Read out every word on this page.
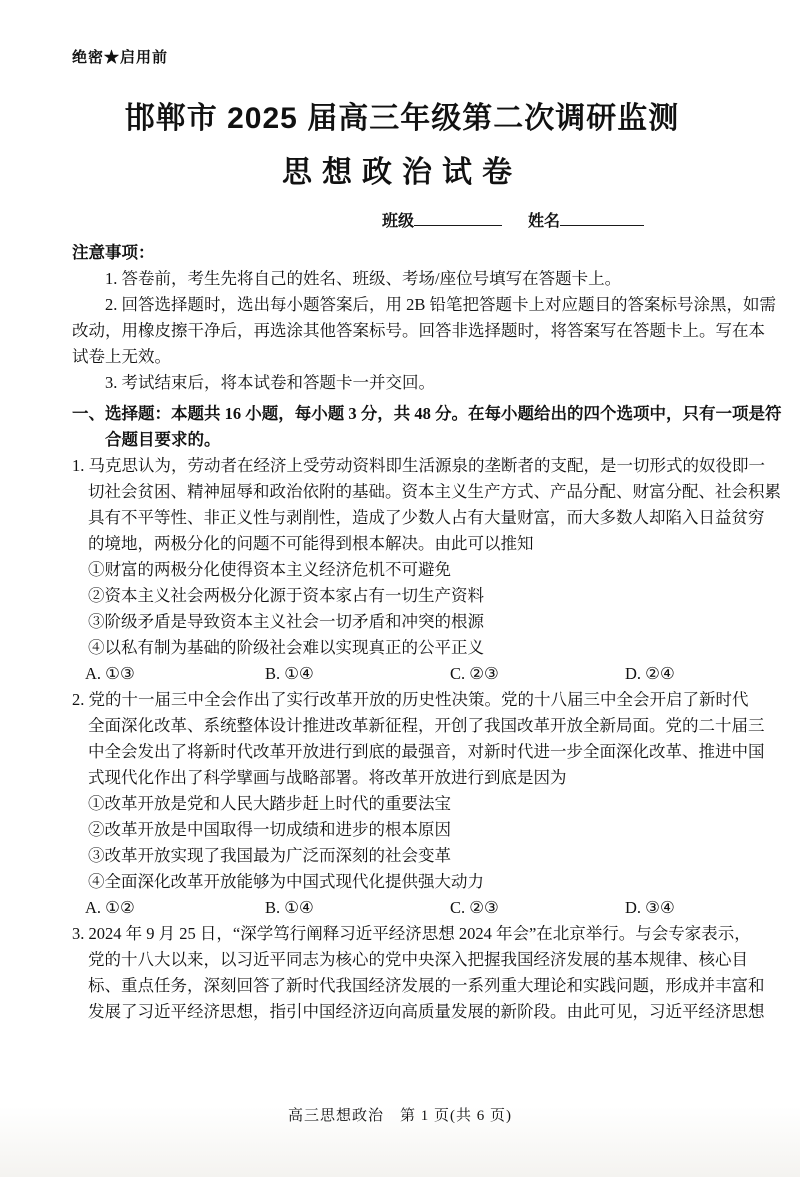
绝密★启用前
邯郸市 2025 届高三年级第二次调研监测
思想政治试卷
班级	姓名
注意事项：
1. 答卷前，考生先将自己的姓名、班级、考场/座位号填写在答题卡上。
2. 回答选择题时，选出每小题答案后，用 2B 铅笔把答题卡上对应题目的答案标号涂黑，如需
改动，用橡皮擦干净后，再选涂其他答案标号。回答非选择题时，将答案写在答题卡上。写在本
试卷上无效。
3. 考试结束后，将本试卷和答题卡一并交回。
一、选择题：本题共 16 小题，每小题 3 分，共 48 分。在每小题给出的四个选项中，只有一项是符
合题目要求的。
1. 马克思认为，劳动者在经济上受劳动资料即生活源泉的垄断者的支配，是一切形式的奴役即一
切社会贫困、精神屈辱和政治依附的基础。资本主义生产方式、产品分配、财富分配、社会积累
具有不平等性、非正义性与剥削性，造成了少数人占有大量财富，而大多数人却陷入日益贫穷
的境地，两极分化的问题不可能得到根本解决。由此可以推知
①财富的两极分化使得资本主义经济危机不可避免
②资本主义社会两极分化源于资本家占有一切生产资料
③阶级矛盾是导致资本主义社会一切矛盾和冲突的根源
④以私有制为基础的阶级社会难以实现真正的公平正义
A. ①③	B. ①④	C. ②③	D. ②④
2. 党的十一届三中全会作出了实行改革开放的历史性决策。党的十八届三中全会开启了新时代
全面深化改革、系统整体设计推进改革新征程，开创了我国改革开放全新局面。党的二十届三
中全会发出了将新时代改革开放进行到底的最强音，对新时代进一步全面深化改革、推进中国
式现代化作出了科学擘画与战略部署。将改革开放进行到底是因为
①改革开放是党和人民大踏步赶上时代的重要法宝
②改革开放是中国取得一切成绩和进步的根本原因
③改革开放实现了我国最为广泛而深刻的社会变革
④全面深化改革开放能够为中国式现代化提供强大动力
A. ①②	B. ①④	C. ②③	D. ③④
3. 2024 年 9 月 25 日，“深学笃行阐释习近平经济思想 2024 年会”在北京举行。与会专家表示，
党的十八大以来，以习近平同志为核心的党中央深入把握我国经济发展的基本规律、核心目
标、重点任务，深刻回答了新时代我国经济发展的一系列重大理论和实践问题，形成并丰富和
发展了习近平经济思想，指引中国经济迈向高质量发展的新阶段。由此可见，习近平经济思想
高三思想政治　第 1 页(共 6 页)
